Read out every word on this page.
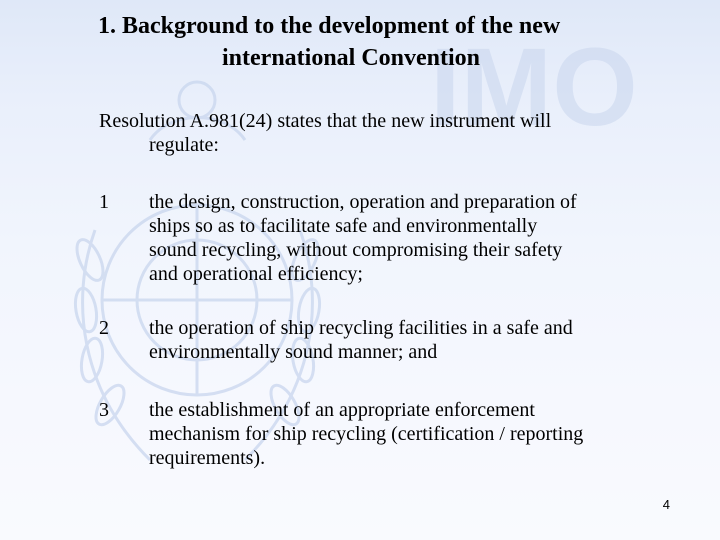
IMO
1. Background to the development of the new
international Convention
Resolution A.981(24) states that the new instrument will
regulate:
1	the design, construction, operation and preparation of
ships so as to facilitate safe and environmentally
sound recycling, without compromising their safety
and operational efficiency;
2	the operation of ship recycling facilities in a safe and
environmentally sound manner; and
3	the establishment of an appropriate enforcement
mechanism for ship recycling (certification / reporting
requirements).
4
